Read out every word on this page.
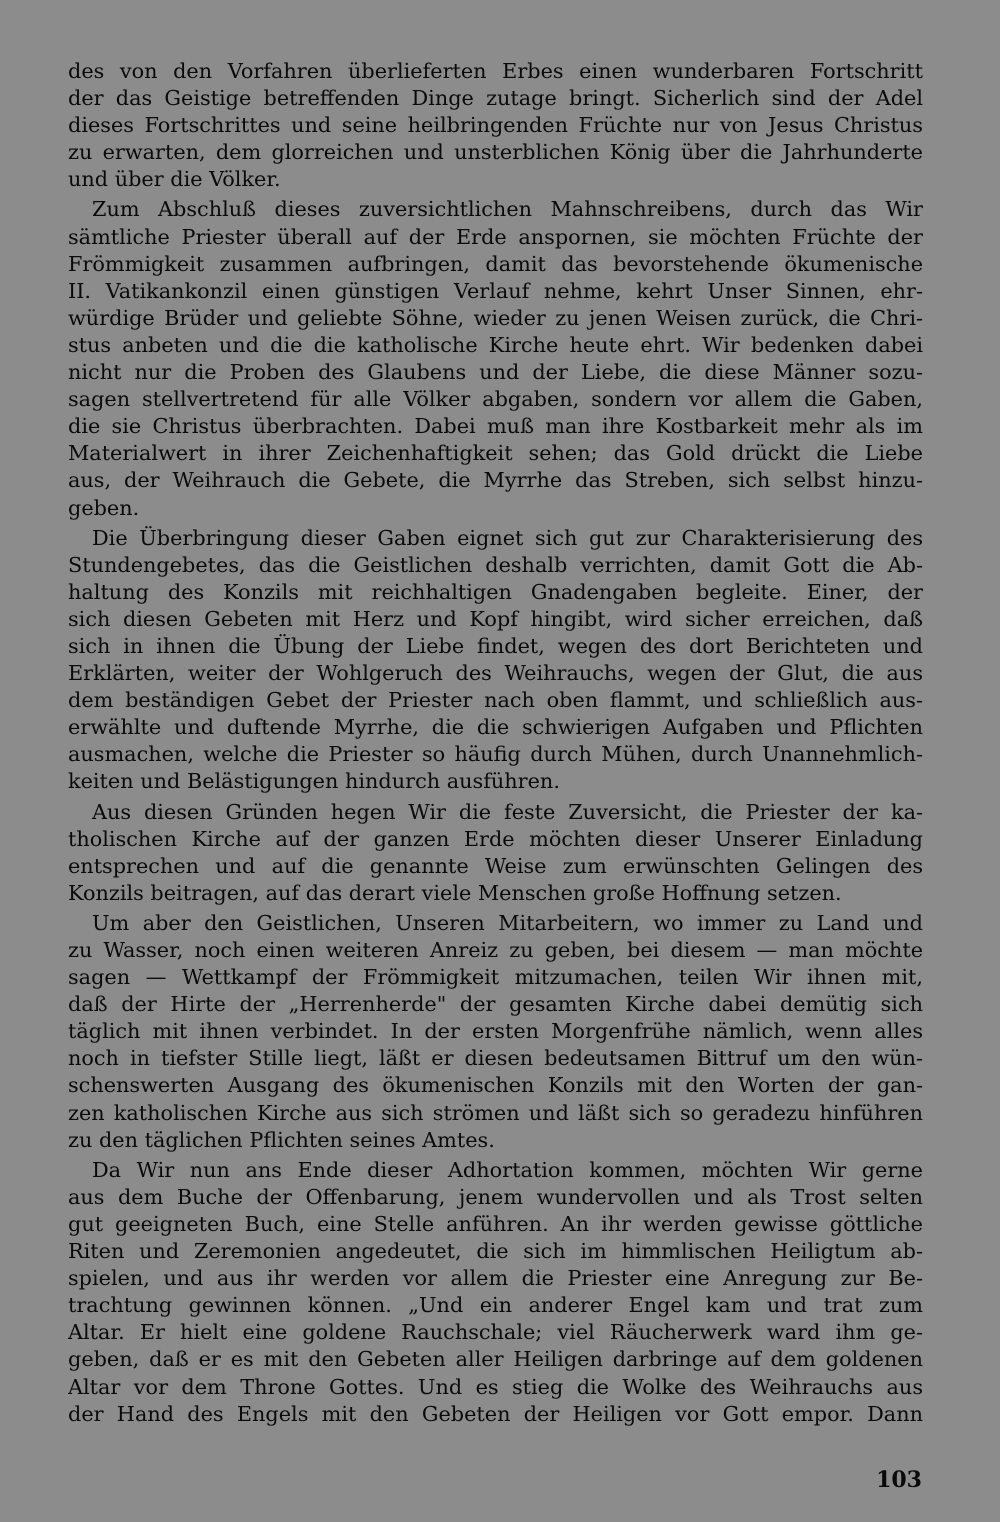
des von den Vorfahren überlieferten Erbes einen wunderbaren Fortschritt
der das Geistige betreffenden Dinge zutage bringt. Sicherlich sind der Adel
dieses Fortschrittes und seine heilbringenden Früchte nur von Jesus Christus
zu erwarten, dem glorreichen und unsterblichen König über die Jahrhunderte
und über die Völker.
Zum Abschluß dieses zuversichtlichen Mahnschreibens, durch das Wir
sämtliche Priester überall auf der Erde anspornen, sie möchten Früchte der
Frömmigkeit zusammen aufbringen, damit das bevorstehende ökumenische
II. Vatikankonzil einen günstigen Verlauf nehme, kehrt Unser Sinnen, ehr-
würdige Brüder und geliebte Söhne, wieder zu jenen Weisen zurück, die Chri-
stus anbeten und die die katholische Kirche heute ehrt. Wir bedenken dabei
nicht nur die Proben des Glaubens und der Liebe, die diese Männer sozu-
sagen stellvertretend für alle Völker abgaben, sondern vor allem die Gaben,
die sie Christus überbrachten. Dabei muß man ihre Kostbarkeit mehr als im
Materialwert in ihrer Zeichenhaftigkeit sehen; das Gold drückt die Liebe
aus, der Weihrauch die Gebete, die Myrrhe das Streben, sich selbst hinzu-
geben.
Die Überbringung dieser Gaben eignet sich gut zur Charakterisierung des
Stundengebetes, das die Geistlichen deshalb verrichten, damit Gott die Ab-
haltung des Konzils mit reichhaltigen Gnadengaben begleite. Einer, der
sich diesen Gebeten mit Herz und Kopf hingibt, wird sicher erreichen, daß
sich in ihnen die Übung der Liebe findet, wegen des dort Berichteten und
Erklärten, weiter der Wohlgeruch des Weihrauchs, wegen der Glut, die aus
dem beständigen Gebet der Priester nach oben flammt, und schließlich aus-
erwählte und duftende Myrrhe, die die schwierigen Aufgaben und Pflichten
ausmachen, welche die Priester so häufig durch Mühen, durch Unannehmlich-
keiten und Belästigungen hindurch ausführen.
Aus diesen Gründen hegen Wir die feste Zuversicht, die Priester der ka-
tholischen Kirche auf der ganzen Erde möchten dieser Unserer Einladung
entsprechen und auf die genannte Weise zum erwünschten Gelingen des
Konzils beitragen, auf das derart viele Menschen große Hoffnung setzen.
Um aber den Geistlichen, Unseren Mitarbeitern, wo immer zu Land und
zu Wasser, noch einen weiteren Anreiz zu geben, bei diesem — man möchte
sagen — Wettkampf der Frömmigkeit mitzumachen, teilen Wir ihnen mit,
daß der Hirte der „Herrenherde" der gesamten Kirche dabei demütig sich
täglich mit ihnen verbindet. In der ersten Morgenfrühe nämlich, wenn alles
noch in tiefster Stille liegt, läßt er diesen bedeutsamen Bittruf um den wün-
schenswerten Ausgang des ökumenischen Konzils mit den Worten der gan-
zen katholischen Kirche aus sich strömen und läßt sich so geradezu hinführen
zu den täglichen Pflichten seines Amtes.
Da Wir nun ans Ende dieser Adhortation kommen, möchten Wir gerne
aus dem Buche der Offenbarung, jenem wundervollen und als Trost selten
gut geeigneten Buch, eine Stelle anführen. An ihr werden gewisse göttliche
Riten und Zeremonien angedeutet, die sich im himmlischen Heiligtum ab-
spielen, und aus ihr werden vor allem die Priester eine Anregung zur Be-
trachtung gewinnen können. „Und ein anderer Engel kam und trat zum
Altar. Er hielt eine goldene Rauchschale; viel Räucherwerk ward ihm ge-
geben, daß er es mit den Gebeten aller Heiligen darbringe auf dem goldenen
Altar vor dem Throne Gottes. Und es stieg die Wolke des Weihrauchs aus
der Hand des Engels mit den Gebeten der Heiligen vor Gott empor. Dann
103
